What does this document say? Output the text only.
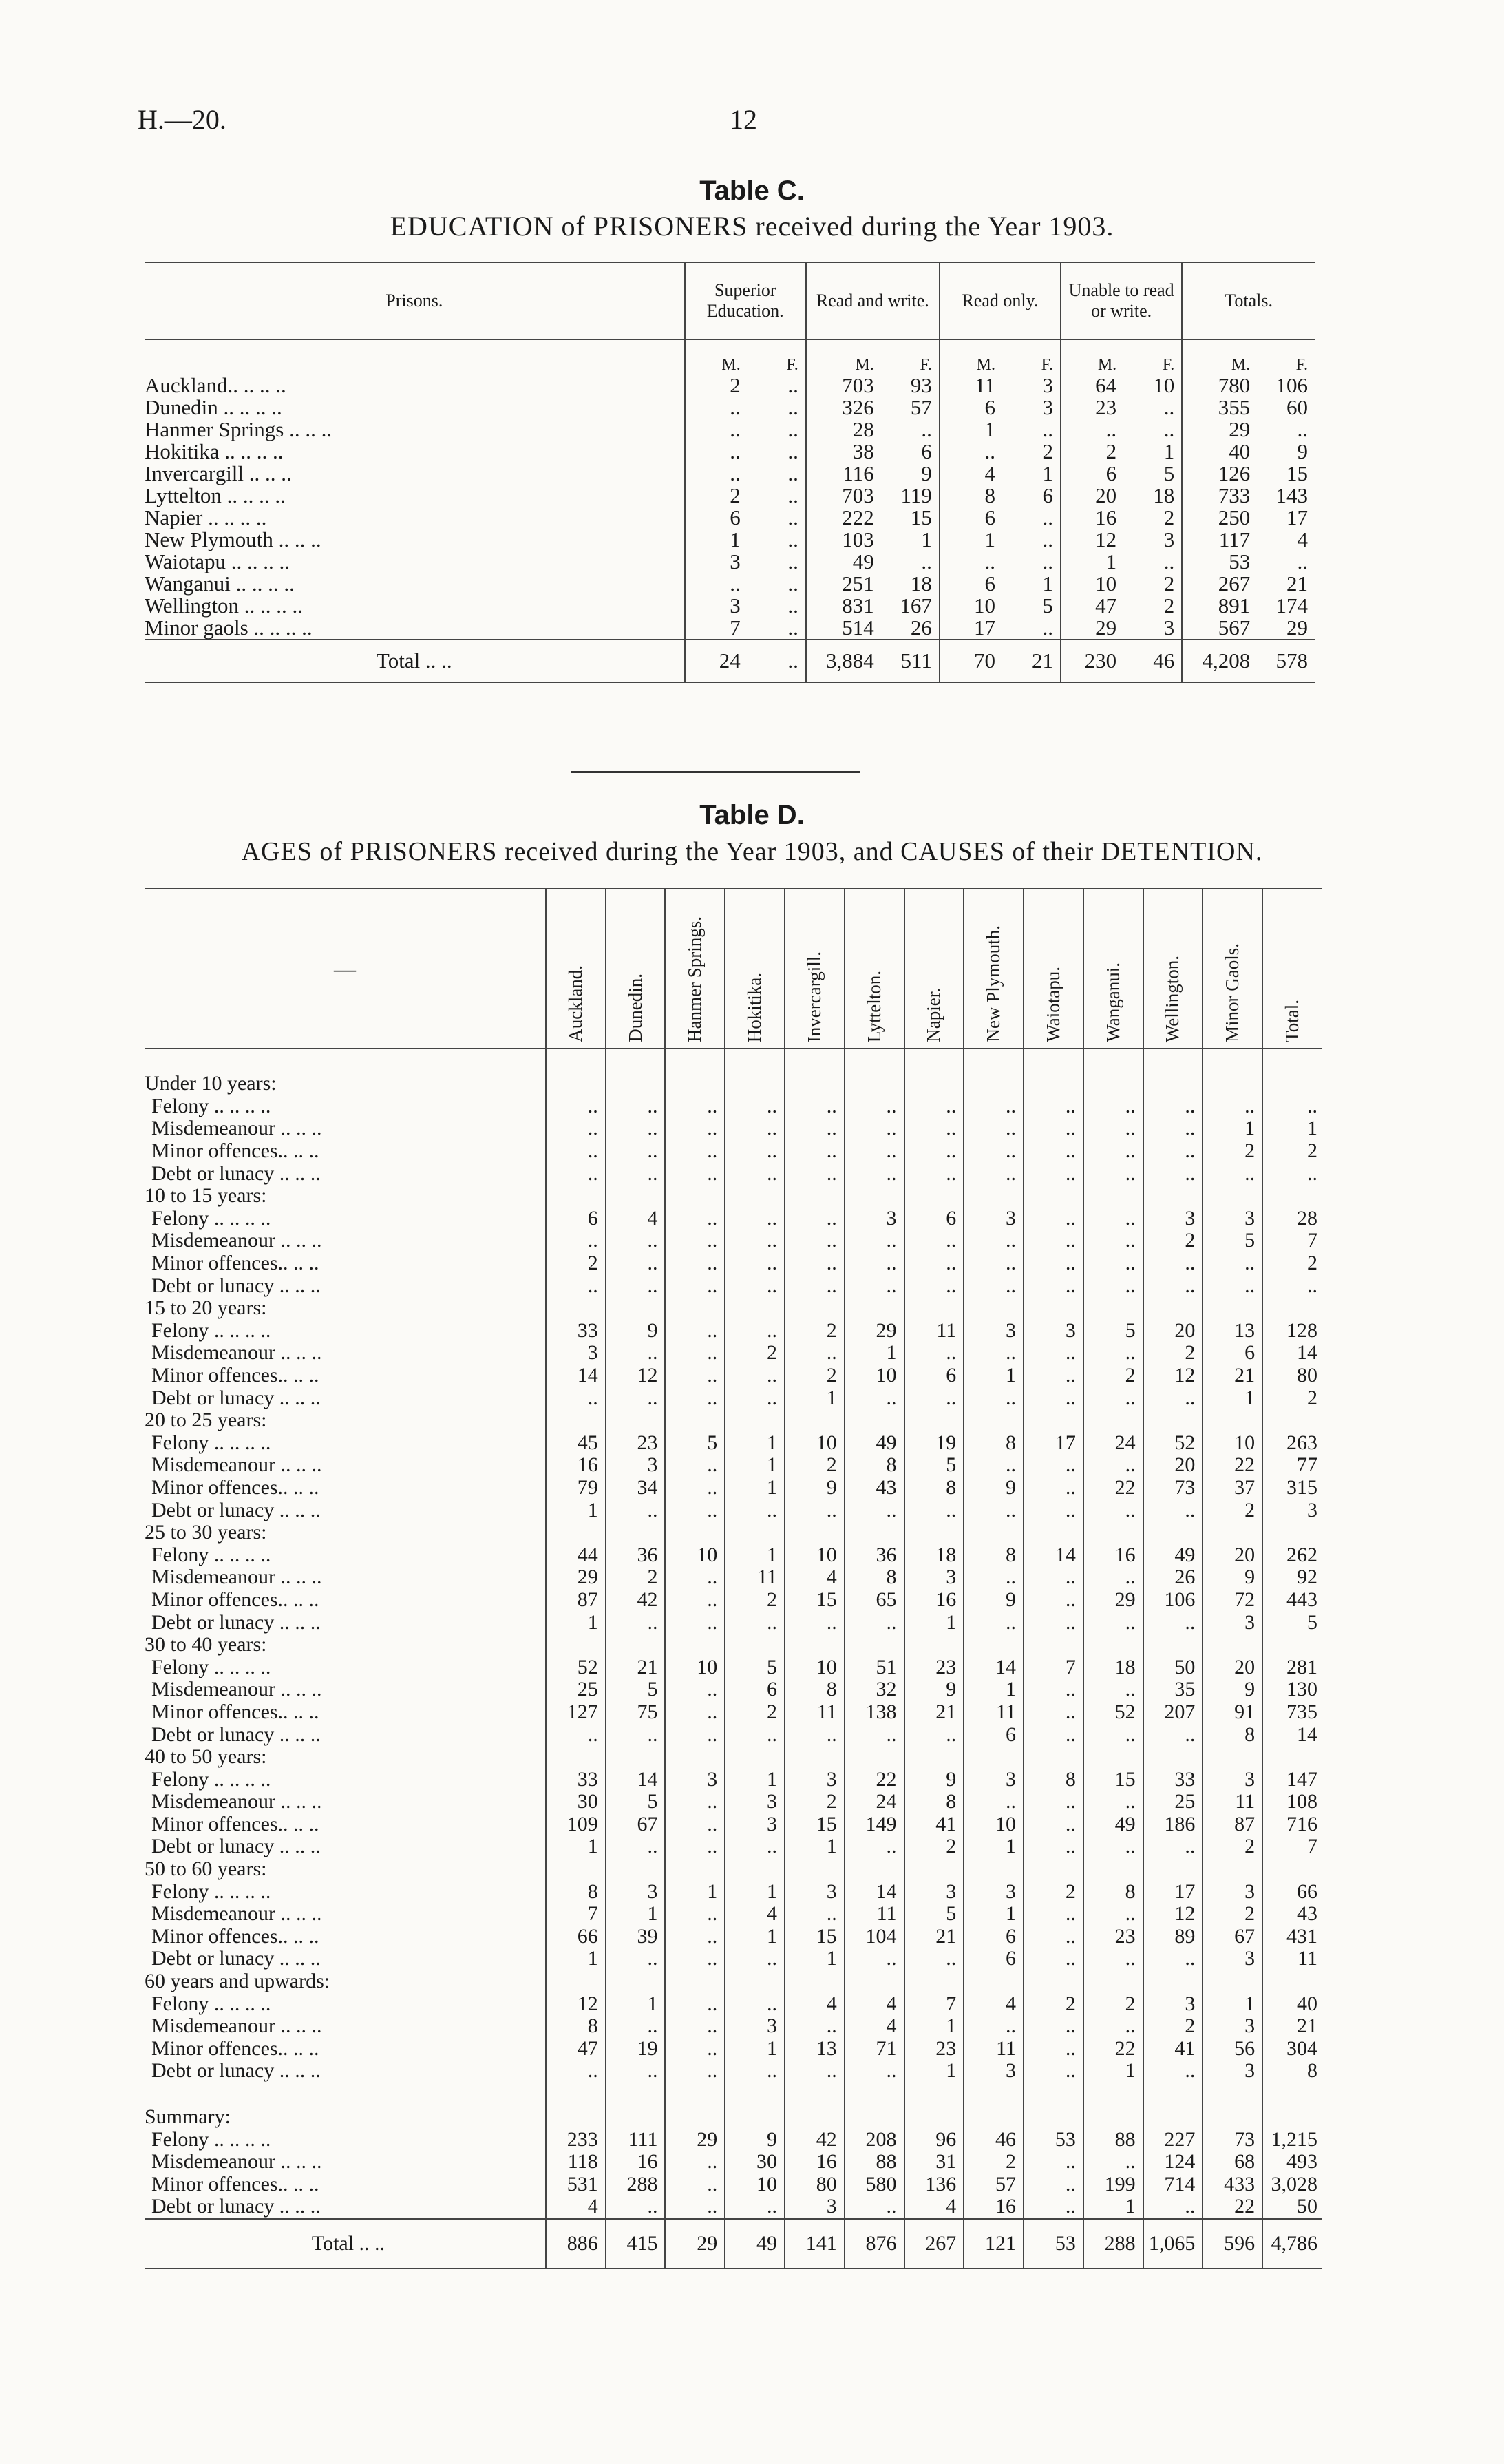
H.—20.	12
Table C.
EDUCATION of PRISONERS received during the Year 1903.
Prisons.	Superior
Education.		Read and write.		Read only.		Unable to read
or write.		Totals.	
	M.	F.	M.	F.	M.	F.	M.	F.	M.	F.
Auckland.. .. .. ..	2	..	703	93	11	3	64	10	780	106
Dunedin .. .. .. ..	..	..	326	57	6	3	23	..	355	60
Hanmer Springs .. .. ..	..	..	28	..	1	..	..	..	29	..
Hokitika .. .. .. ..	..	..	38	6	..	2	2	1	40	9
Invercargill .. .. ..	..	..	116	9	4	1	6	5	126	15
Lyttelton .. .. .. ..	2	..	703	119	8	6	20	18	733	143
Napier .. .. .. ..	6	..	222	15	6	..	16	2	250	17
New Plymouth .. .. ..	1	..	103	1	1	..	12	3	117	4
Waiotapu .. .. .. ..	3	..	49	..	..	..	1	..	53	..
Wanganui .. .. .. ..	..	..	251	18	6	1	10	2	267	21
Wellington .. .. .. ..	3	..	831	167	10	5	47	2	891	174
Minor gaols .. .. .. ..	7	..	514	26	17	..	29	3	567	29
Total .. ..	24	..	3,884	511	70	21	230	46	4,208	578
Table D.
AGES of PRISONERS received during the Year 1903, and CAUSES of their DETENTION.
—	Auckland.	Dunedin.	Hanmer Springs.	Hokitika.	Invercargill.	Lyttelton.	Napier.	New Plymouth.	Waiotapu.	Wanganui.	Wellington.	Minor Gaols.	Total.

Under 10 years:													
Felony .. .. .. ..	..	..	..	..	..	..	..	..	..	..	..	..	..
Misdemeanour .. .. ..	..	..	..	..	..	..	..	..	..	..	..	1	1
Minor offences.. .. ..	..	..	..	..	..	..	..	..	..	..	..	2	2
Debt or lunacy .. .. ..	..	..	..	..	..	..	..	..	..	..	..	..	..
10 to 15 years:													
Felony .. .. .. ..	6	4	..	..	..	3	6	3	..	..	3	3	28
Misdemeanour .. .. ..	..	..	..	..	..	..	..	..	..	..	2	5	7
Minor offences.. .. ..	2	..	..	..	..	..	..	..	..	..	..	..	2
Debt or lunacy .. .. ..	..	..	..	..	..	..	..	..	..	..	..	..	..
15 to 20 years:													
Felony .. .. .. ..	33	9	..	..	2	29	11	3	3	5	20	13	128
Misdemeanour .. .. ..	3	..	..	2	..	1	..	..	..	..	2	6	14
Minor offences.. .. ..	14	12	..	..	2	10	6	1	..	2	12	21	80
Debt or lunacy .. .. ..	..	..	..	..	1	..	..	..	..	..	..	1	2
20 to 25 years:													
Felony .. .. .. ..	45	23	5	1	10	49	19	8	17	24	52	10	263
Misdemeanour .. .. ..	16	3	..	1	2	8	5	..	..	..	20	22	77
Minor offences.. .. ..	79	34	..	1	9	43	8	9	..	22	73	37	315
Debt or lunacy .. .. ..	1	..	..	..	..	..	..	..	..	..	..	2	3
25 to 30 years:													
Felony .. .. .. ..	44	36	10	1	10	36	18	8	14	16	49	20	262
Misdemeanour .. .. ..	29	2	..	11	4	8	3	..	..	..	26	9	92
Minor offences.. .. ..	87	42	..	2	15	65	16	9	..	29	106	72	443
Debt or lunacy .. .. ..	1	..	..	..	..	..	1	..	..	..	..	3	5
30 to 40 years:													
Felony .. .. .. ..	52	21	10	5	10	51	23	14	7	18	50	20	281
Misdemeanour .. .. ..	25	5	..	6	8	32	9	1	..	..	35	9	130
Minor offences.. .. ..	127	75	..	2	11	138	21	11	..	52	207	91	735
Debt or lunacy .. .. ..	..	..	..	..	..	..	..	6	..	..	..	8	14
40 to 50 years:													
Felony .. .. .. ..	33	14	3	1	3	22	9	3	8	15	33	3	147
Misdemeanour .. .. ..	30	5	..	3	2	24	8	..	..	..	25	11	108
Minor offences.. .. ..	109	67	..	3	15	149	41	10	..	49	186	87	716
Debt or lunacy .. .. ..	1	..	..	..	1	..	2	1	..	..	..	2	7
50 to 60 years:													
Felony .. .. .. ..	8	3	1	1	3	14	3	3	2	8	17	3	66
Misdemeanour .. .. ..	7	1	..	4	..	11	5	1	..	..	12	2	43
Minor offences.. .. ..	66	39	..	1	15	104	21	6	..	23	89	67	431
Debt or lunacy .. .. ..	1	..	..	..	1	..	..	6	..	..	..	3	11
60 years and upwards:													
Felony .. .. .. ..	12	1	..	..	4	4	7	4	2	2	3	1	40
Misdemeanour .. .. ..	8	..	..	3	..	4	1	..	..	..	2	3	21
Minor offences.. .. ..	47	19	..	1	13	71	23	11	..	22	41	56	304
Debt or lunacy .. .. ..	..	..	..	..	..	..	1	3	..	1	..	3	8

Summary:													
Felony .. .. .. ..	233	111	29	9	42	208	96	46	53	88	227	73	1,215
Misdemeanour .. .. ..	118	16	..	30	16	88	31	2	..	..	124	68	493
Minor offences.. .. ..	531	288	..	10	80	580	136	57	..	199	714	433	3,028
Debt or lunacy .. .. ..	4	..	..	..	3	..	4	16	..	1	..	22	50
Total .. ..	886	415	29	49	141	876	267	121	53	288	1,065	596	4,786
